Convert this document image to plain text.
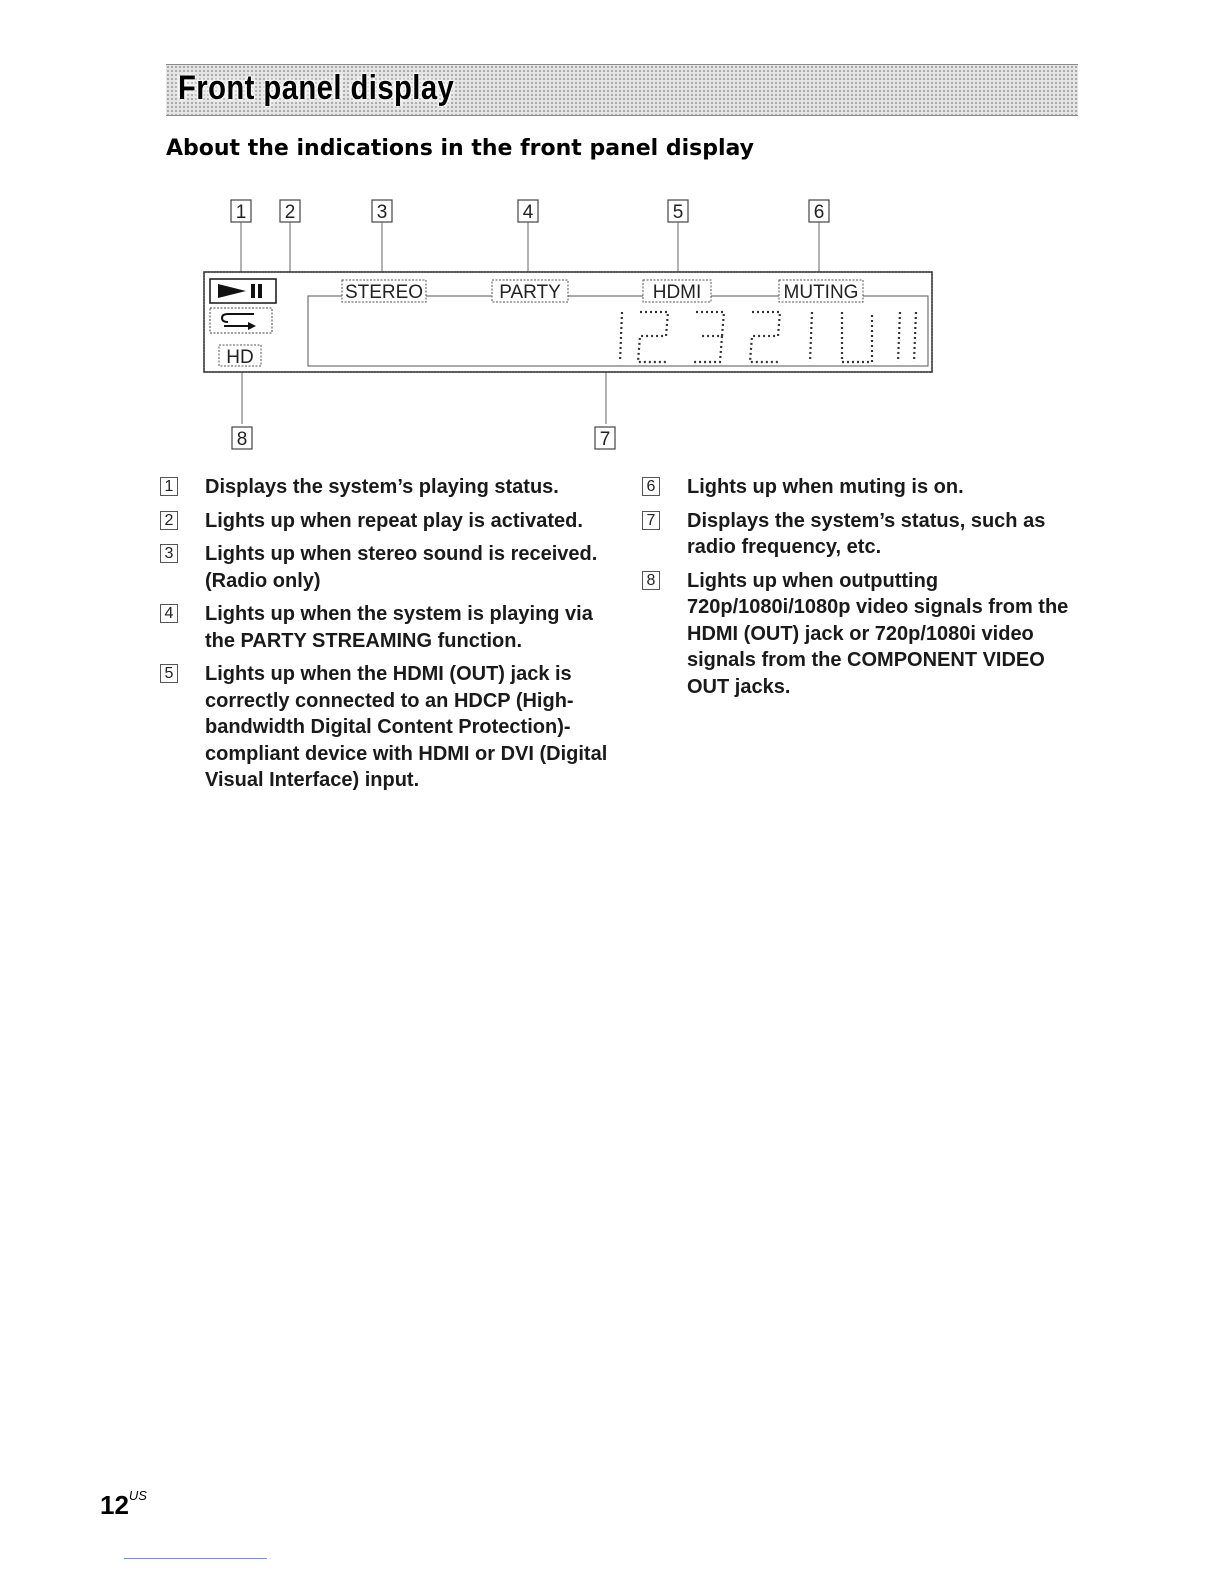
Front panel display
About the indications in the front panel display
1 2	3	4	5	6
HD
STEREO	PARTY	HDMI	MUTING
8	7
1 Displays the system’s playing status.
2 Lights up when repeat play is activated.
3 Lights up when stereo sound is received. (Radio only)
4 Lights up when the system is playing via the PARTY STREAMING function.
5 Lights up when the HDMI (OUT) jack is correctly connected to an HDCP (High-bandwidth Digital Content Protection)-compliant device with HDMI or DVI (Digital Visual Interface) input.
6 Lights up when muting is on.
7 Displays the system’s status, such as radio frequency, etc.
8 Lights up when outputting 720p/1080i/1080p video signals from the HDMI (OUT) jack or 720p/1080i video signals from the COMPONENT VIDEO OUT jacks.
$12^{US}$
